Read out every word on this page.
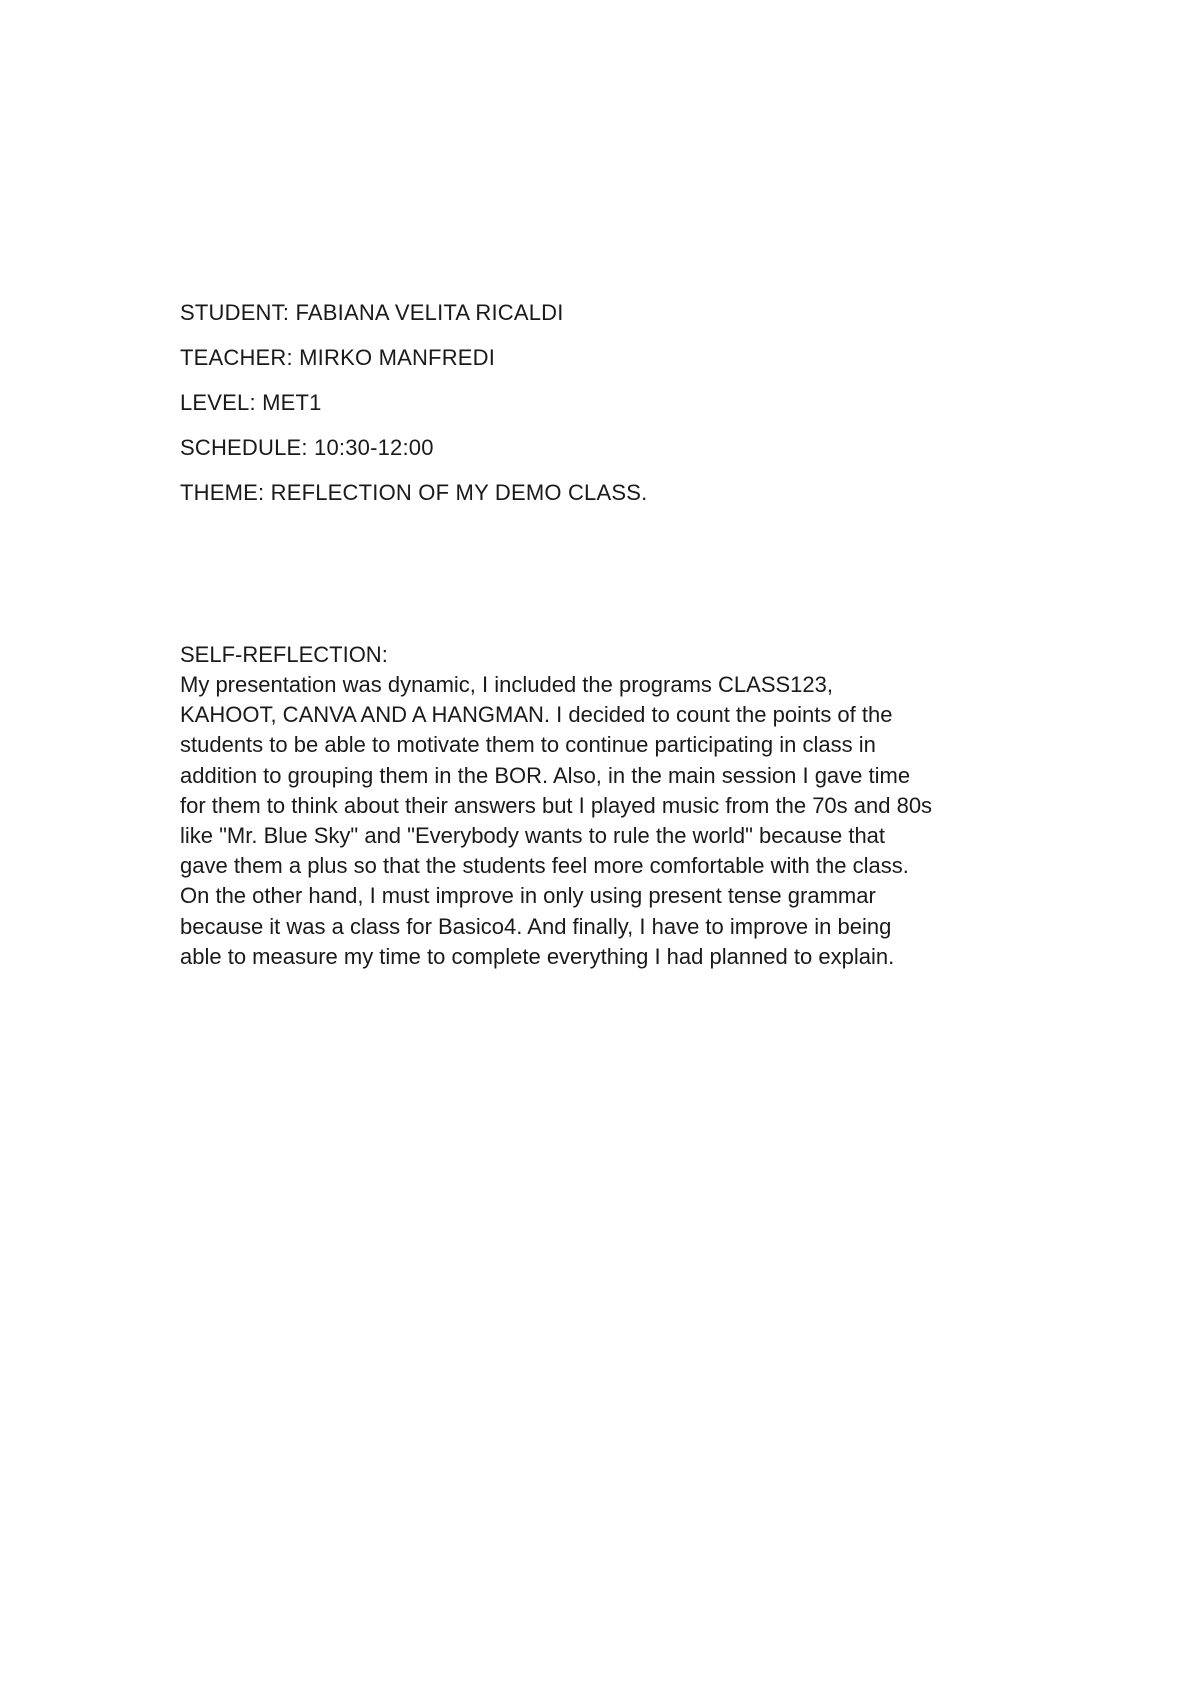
STUDENT: FABIANA VELITA RICALDI
TEACHER: MIRKO MANFREDI
LEVEL: MET1
SCHEDULE: 10:30-12:00
THEME: REFLECTION OF MY DEMO CLASS.
SELF-REFLECTION:
My presentation was dynamic, I included the programs CLASS123,
KAHOOT, CANVA AND A HANGMAN. I decided to count the points of the
students to be able to motivate them to continue participating in class in
addition to grouping them in the BOR. Also, in the main session I gave time
for them to think about their answers but I played music from the 70s and 80s
like "Mr. Blue Sky" and "Everybody wants to rule the world" because that
gave them a plus so that the students feel more comfortable with the class.
On the other hand, I must improve in only using present tense grammar
because it was a class for Basico4. And finally, I have to improve in being
able to measure my time to complete everything I had planned to explain.
